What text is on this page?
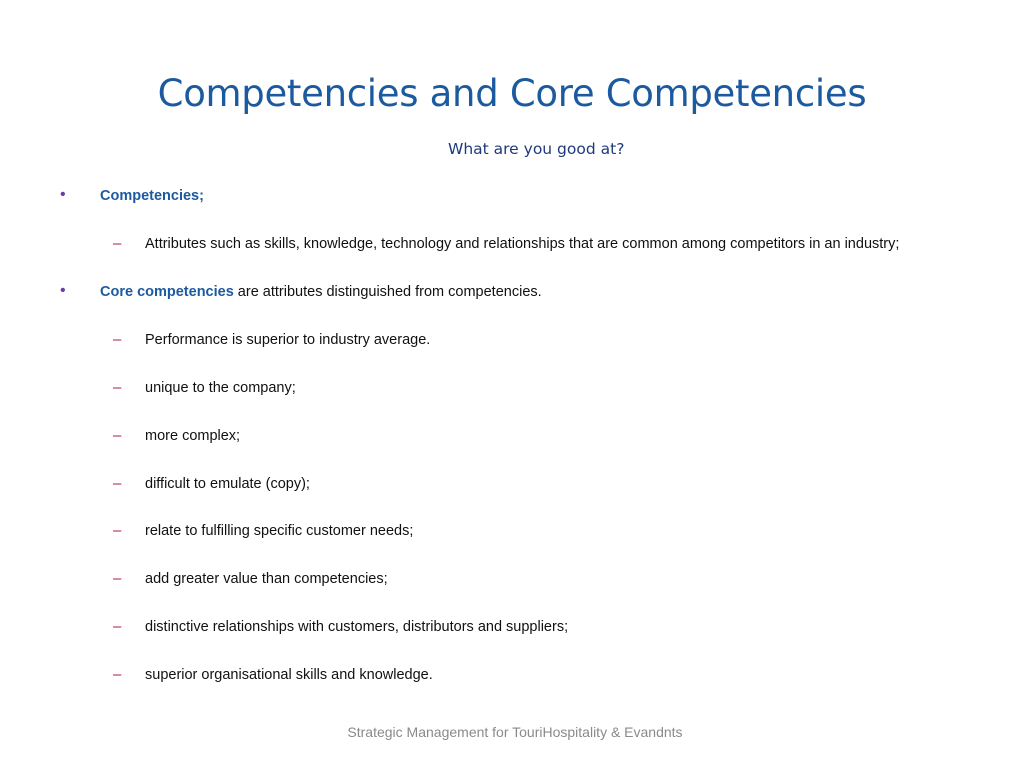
Competencies and Core Competencies
What are you good at?
• Competencies;
– Attributes such as skills, knowledge, technology and relationships that are common among competitors in an industry;
• Core competencies are attributes distinguished from competencies.
– Performance is superior to industry average.
– unique to the company;
– more complex;
– difficult to emulate (copy);
– relate to fulfilling specific customer needs;
– add greater value than competencies;
– distinctive relationships with customers, distributors and suppliers;
– superior organisational skills and knowledge.
Strategic Management for TouriHospitality & Evandnts
